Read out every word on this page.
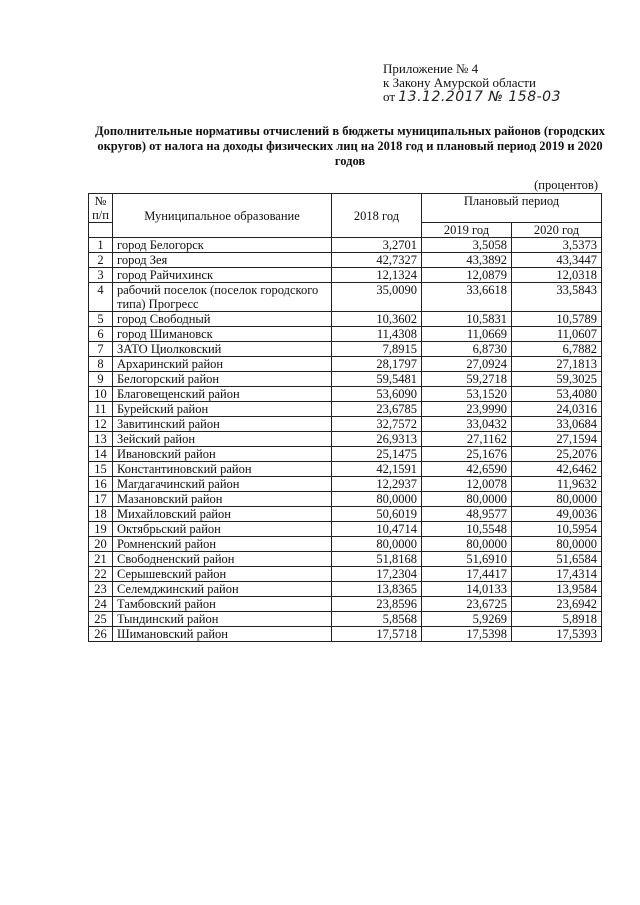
Приложение № 4
к Закону Амурской области
от 13.12.2017 № 158-03
Дополнительные нормативы отчислений в бюджеты муниципальных районов (городских округов) от налога на доходы физических лиц на 2018 год и плановый период 2019 и 2020 годов
(процентов)
№
п/п	Муниципальное образование	2018 год	Плановый период	
			2019 год	2020 год
1	город Белогорск	3,2701	3,5058	3,5373
2	город Зея	42,7327	43,3892	43,3447
3	город Райчихинск	12,1324	12,0879	12,0318
4	рабочий поселок (поселок городского типа) Прогресс	35,0090	33,6618	33,5843
5	город Свободный	10,3602	10,5831	10,5789
6	город Шимановск	11,4308	11,0669	11,0607
7	ЗАТО Циолковский	7,8915	6,8730	6,7882
8	Архаринский район	28,1797	27,0924	27,1813
9	Белогорский район	59,5481	59,2718	59,3025
10	Благовещенский район	53,6090	53,1520	53,4080
11	Бурейский район	23,6785	23,9990	24,0316
12	Завитинский район	32,7572	33,0432	33,0684
13	Зейский район	26,9313	27,1162	27,1594
14	Ивановский район	25,1475	25,1676	25,2076
15	Константиновский район	42,1591	42,6590	42,6462
16	Магдагачинский район	12,2937	12,0078	11,9632
17	Мазановский район	80,0000	80,0000	80,0000
18	Михайловский район	50,6019	48,9577	49,0036
19	Октябрьский район	10,4714	10,5548	10,5954
20	Ромненский район	80,0000	80,0000	80,0000
21	Свободненский район	51,8168	51,6910	51,6584
22	Серышевский район	17,2304	17,4417	17,4314
23	Селемджинский район	13,8365	14,0133	13,9584
24	Тамбовский район	23,8596	23,6725	23,6942
25	Тындинский район	5,8568	5,9269	5,8918
26	Шимановский район	17,5718	17,5398	17,5393
